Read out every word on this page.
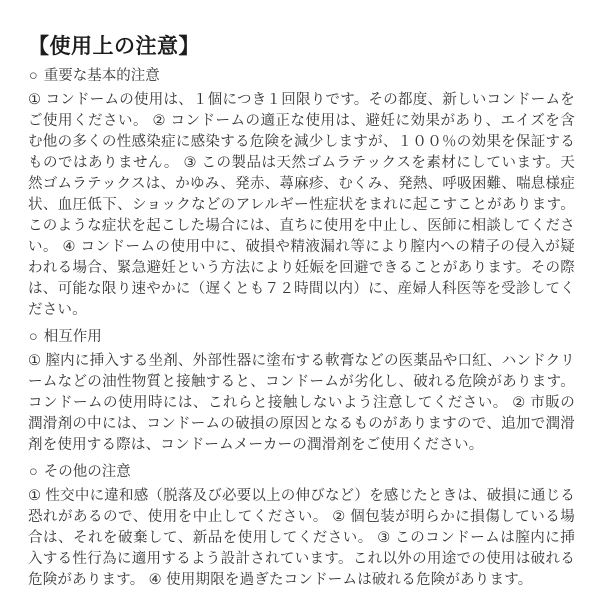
【使用上の注意】
○ 重要な基本的注意

① コンドームの使用は、１個につき１回限りです。その都度、新しいコンドームをご使用ください。 ② コンドームの適正な使用は、避妊に効果があり、エイズを含む他の多くの性感染症に感染する危険を減少しますが、１００％の効果を保証するものではありません。 ③ この製品は天然ゴムラテックスを素材にしています。天然ゴムラテックスは、かゆみ、発赤、蕁麻疹、むくみ、発熱、呼吸困難、喘息様症状、血圧低下、ショックなどのアレルギー性症状をまれに起こすことがあります。このような症状を起こした場合には、直ちに使用を中止し、医師に相談してください。 ④ コンドームの使用中に、破損や精液漏れ等により膣内への精子の侵入が疑われる場合、緊急避妊という方法により妊娠を回避できることがあります。その際は、可能な限り速やかに（遅くとも７２時間以内）に、産婦人科医等を受診してください。

○ 相互作用

① 膣内に挿入する坐剤、外部性器に塗布する軟膏などの医薬品や口紅、ハンドクリームなどの油性物質と接触すると、コンドームが劣化し、破れる危険があります。コンドームの使用時には、これらと接触しないよう注意してください。 ② 市販の潤滑剤の中には、コンドームの破損の原因となるものがありますので、追加で潤滑剤を使用する際は、コンドームメーカーの潤滑剤をご使用ください。

○ その他の注意

① 性交中に違和感（脱落及び必要以上の伸びなど）を感じたときは、破損に通じる恐れがあるので、使用を中止してください。 ② 個包装が明らかに損傷している場合は、それを破棄して、新品を使用してください。 ③ このコンドームは膣内に挿入する性行為に適用するよう設計されています。これ以外の用途での使用は破れる危険があります。 ④ 使用期限を過ぎたコンドームは破れる危険があります。
